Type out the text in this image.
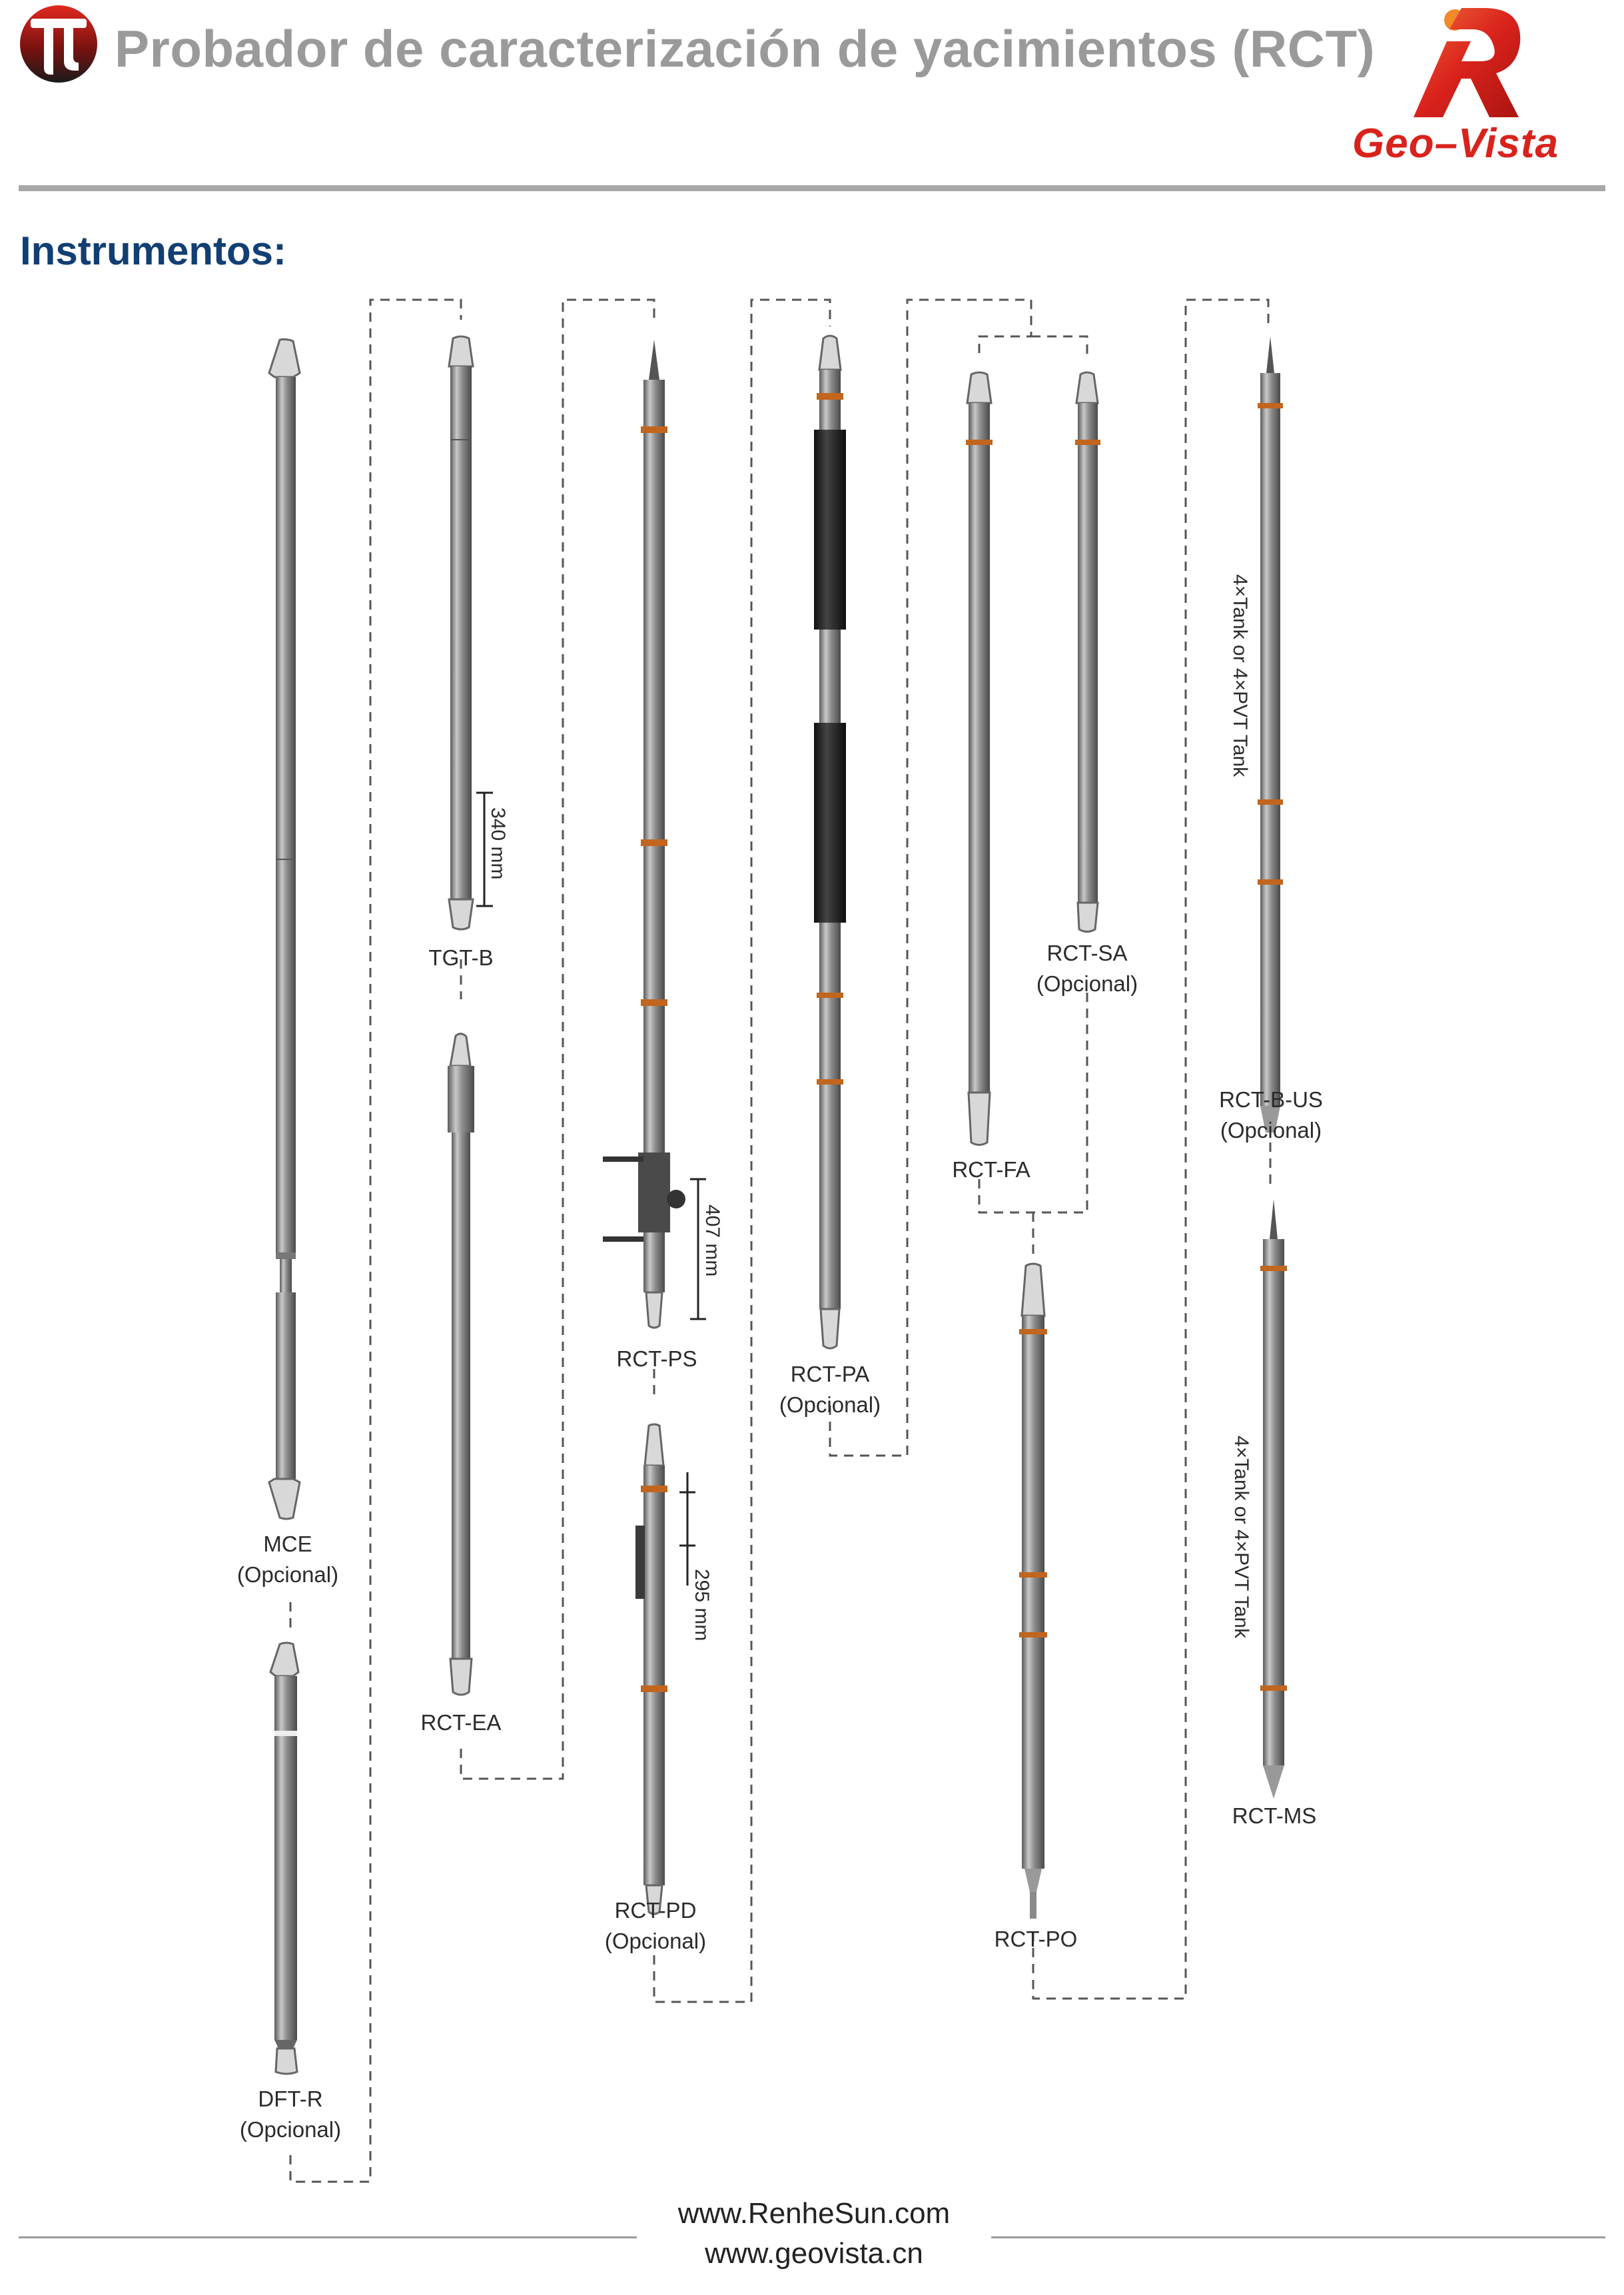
Probador de caracterización de yacimientos (RCT)
Geo–Vista
Instrumentos:
MCE
(Opcional)
DFT-R
(Opcional)
TGT-B
RCT-EA
RCT-PS
RCT-PD
(Opcional)
RCT-PA
(Opcional)
RCT-FA
RCT-SA
(Opcional)
RCT-PO
RCT-B-US
(Opcional)
RCT-MS
340 mm
407 mm
295 mm
4×Tank or 4×PVT Tank
4×Tank or 4×PVT Tank
www.RenheSun.com
www.geovista.cn
